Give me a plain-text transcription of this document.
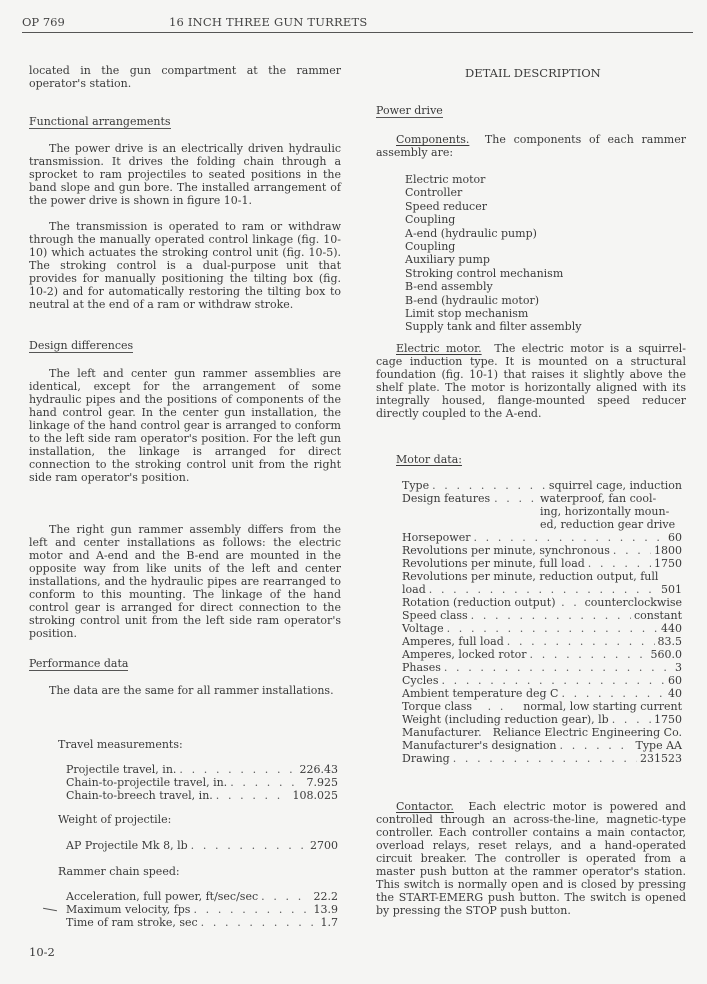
OP 769	16 INCH THREE GUN TURRETS

located in the gun compartment at the rammer operator's station.

Functional arrangements

The power drive is an electrically driven hydraulic transmission. It drives the folding chain through a sprocket to ram projectiles to seated positions in the band slope and gun bore. The installed arrangement of the power drive is shown in figure 10-1.

The transmission is operated to ram or withdraw through the manually operated control linkage (fig. 10-10) which actuates the stroking control unit (fig. 10-5). The stroking control is a dual-purpose unit that provides for manually positioning the tilting box (fig. 10-2) and for automatically restoring the tilting box to neutral at the end of a ram or withdraw stroke.

Design differences

The left and center gun rammer assemblies are identical, except for the arrangement of some hydraulic pipes and the positions of components of the hand control gear. In the center gun installation, the linkage of the hand control gear is arranged to conform to the left side ram operator's position. For the left gun installation, the linkage is arranged for direct connection to the stroking control unit from the right side ram operator's position.

The right gun rammer assembly differs from the left and center installations as follows: the electric motor and A-end and the B-end are mounted in the opposite way from like units of the left and center installations, and the hydraulic pipes are rearranged to conform to this mounting. The linkage of the hand control gear is arranged for direct connection to the stroking control unit from the left side ram operator's position.

Performance data

The data are the same for all rammer installations.

Travel measurements:
Projectile travel, in. . . .	226.43
Chain-to-projectile travel, in. . . .	7.925
Chain-to-breech travel, in. . . .	108.025
Weight of projectile:
AP Projectile Mk 8, lb . . .	2700
Rammer chain speed:
Acceleration, full power, ft/sec/sec . . .	22.2
Maximum velocity, fps . . .	13.9
Time of ram stroke, sec . . .	1.7
10-2
DETAIL DESCRIPTION
Power drive

Components. The components of each rammer assembly are:

Electric motor
Controller
Speed reducer
Coupling
A-end (hydraulic pump)
Coupling
Auxiliary pump
Stroking control mechanism
B-end assembly
B-end (hydraulic motor)
Limit stop mechanism
Supply tank and filter assembly

Electric motor. The electric motor is a squirrel-cage induction type. It is mounted on a structural foundation (fig. 10-1) that raises it slightly above the shelf plate. The motor is horizontally aligned with its integrally housed, flange-mounted speed reducer directly coupled to the A-end.

Motor data:
Type . . .	squirrel cage, induction
Design features . . .	waterproof, fan cool-
ing, horizontally moun-
ed, reduction gear drive
Horsepower . . .	60
Revolutions per minute, synchronous . . .	1800
Revolutions per minute, full load . . .	1750
Revolutions per minute, reduction output, full
load . . .	501
Rotation (reduction output) . . .	counterclockwise
Speed class . . .	constant
Voltage . . .	440
Amperes, full load . . .	83.5
Amperes, locked rotor . . .	560.0
Phases . . .	3
Cycles . . .	60
Ambient temperature deg C . . .	40
Torque class . . .	normal, low starting current
Weight (including reduction gear), lb . . .	1750
Manufacturer. Reliance Electric Engineering Co.
Manufacturer's designation . . .	Type AA
Drawing . . .	231523

Contactor. Each electric motor is powered and controlled through an across-the-line, magnetic-type controller. Each controller contains a main contactor, overload relays, reset relays, and a hand-operated circuit breaker. The controller is operated from a master push button at the rammer operator's station. This switch is normally open and is closed by pressing the START-EMERG push button. The switch is opened by pressing the STOP push button.
